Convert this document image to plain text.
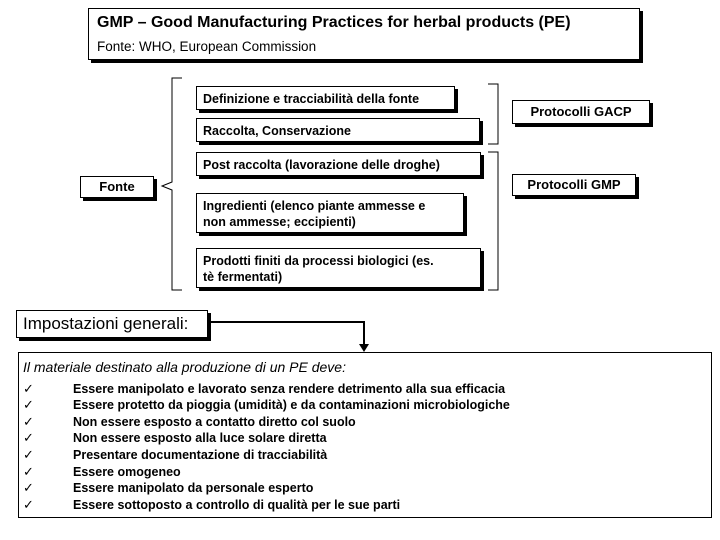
GMP – Good Manufacturing Practices for herbal products (PE)
Fonte: WHO, European Commission
Definizione e tracciabilità della fonte
Raccolta, Conservazione
Post raccolta (lavorazione delle droghe)
Ingredienti (elenco piante ammesse e
non ammesse; eccipienti)
Prodotti finiti da processi biologici (es.
tè fermentati)
Fonte
Protocolli GACP
Protocolli GMP
Impostazioni generali:
Il materiale destinato alla produzione di un PE deve:
✓	Essere manipolato e lavorato senza rendere detrimento alla sua efficacia
✓	Essere protetto da pioggia (umidità) e da contaminazioni microbiologiche
✓	Non essere esposto a contatto diretto col suolo
✓	Non essere esposto alla luce solare diretta
✓	Presentare documentazione di tracciabilità
✓	Essere omogeneo
✓	Essere manipolato da personale esperto
✓	Essere sottoposto a controllo di qualità per le sue parti
